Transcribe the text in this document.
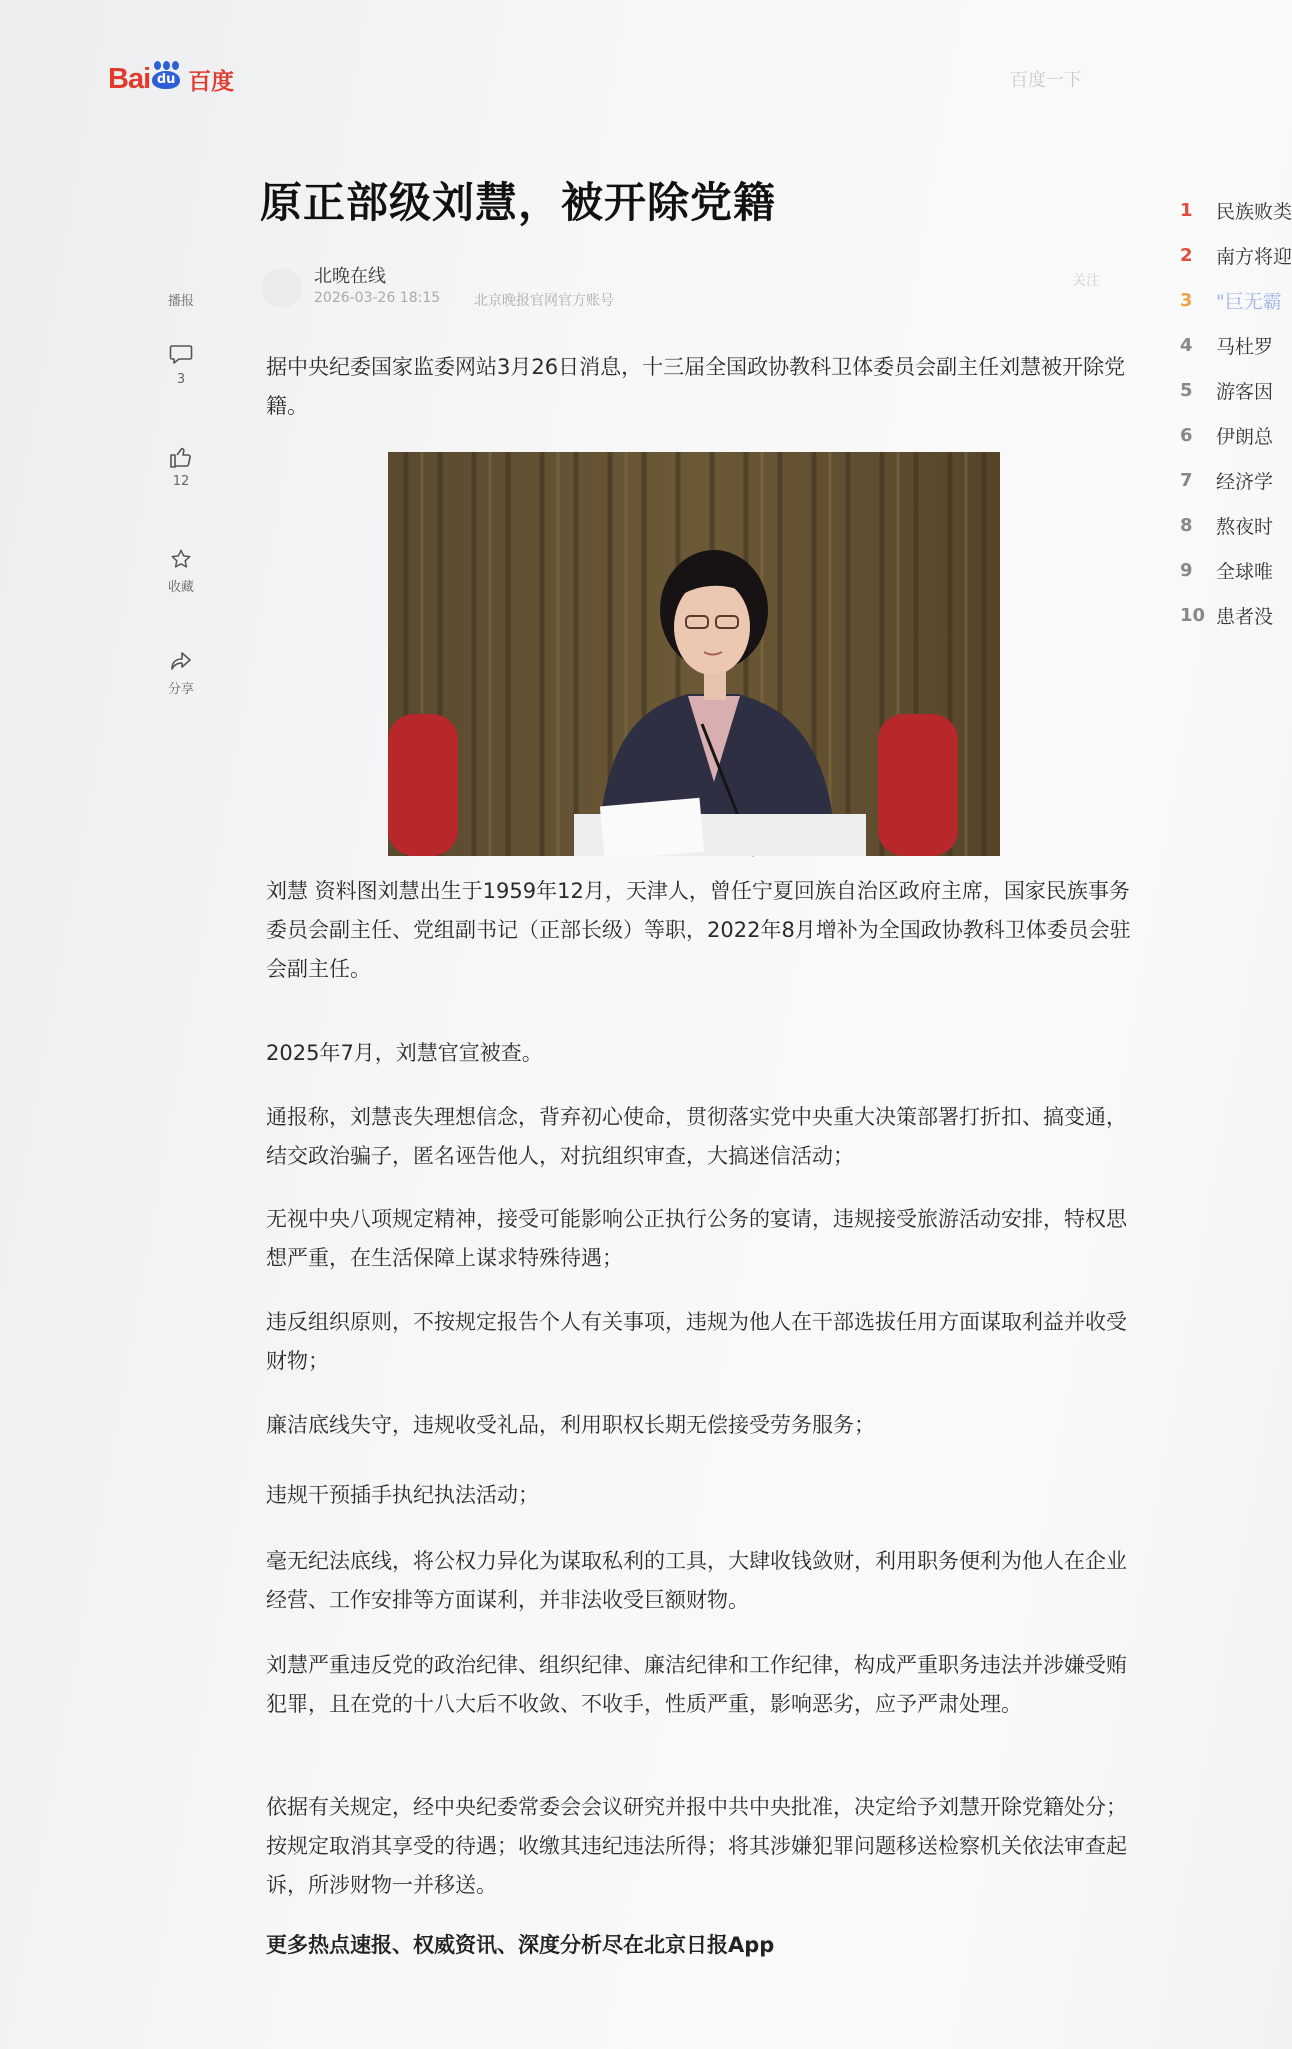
Bai du 百度	百度一下
原正部级刘慧，被开除党籍
北晚在线
2026-03-26 18:15 北京晚报官网官方账号
关注
播报
3
12
收藏
分享

据中央纪委国家监委网站3月26日消息，十三届全国政协教科卫体委员会副主任刘慧被开除党籍。

刘慧 资料图刘慧出生于1959年12月，天津人，曾任宁夏回族自治区政府主席，国家民族事务委员会副主任、党组副书记（正部长级）等职，2022年8月增补为全国政协教科卫体委员会驻会副主任。

2025年7月，刘慧官宣被查。

通报称，刘慧丧失理想信念，背弃初心使命，贯彻落实党中央重大决策部署打折扣、搞变通，结交政治骗子，匿名诬告他人，对抗组织审查，大搞迷信活动；

无视中央八项规定精神，接受可能影响公正执行公务的宴请，违规接受旅游活动安排，特权思想严重，在生活保障上谋求特殊待遇；

违反组织原则，不按规定报告个人有关事项，违规为他人在干部选拔任用方面谋取利益并收受财物；

廉洁底线失守，违规收受礼品，利用职权长期无偿接受劳务服务；

违规干预插手执纪执法活动；

毫无纪法底线，将公权力异化为谋取私利的工具，大肆收钱敛财，利用职务便利为他人在企业经营、工作安排等方面谋利，并非法收受巨额财物。

刘慧严重违反党的政治纪律、组织纪律、廉洁纪律和工作纪律，构成严重职务违法并涉嫌受贿犯罪，且在党的十八大后不收敛、不收手，性质严重，影响恶劣，应予严肃处理。

依据有关规定，经中央纪委常委会会议研究并报中共中央批准，决定给予刘慧开除党籍处分；按规定取消其享受的待遇；收缴其违纪违法所得；将其涉嫌犯罪问题移送检察机关依法审查起诉，所涉财物一并移送。

更多热点速报、权威资讯、深度分析尽在北京日报App

1	民族败类
2	南方将迎
3	"巨无霸
4	马杜罗
5	游客因
6	伊朗总
7	经济学
8	熬夜时
9	全球唯
10 患者没
